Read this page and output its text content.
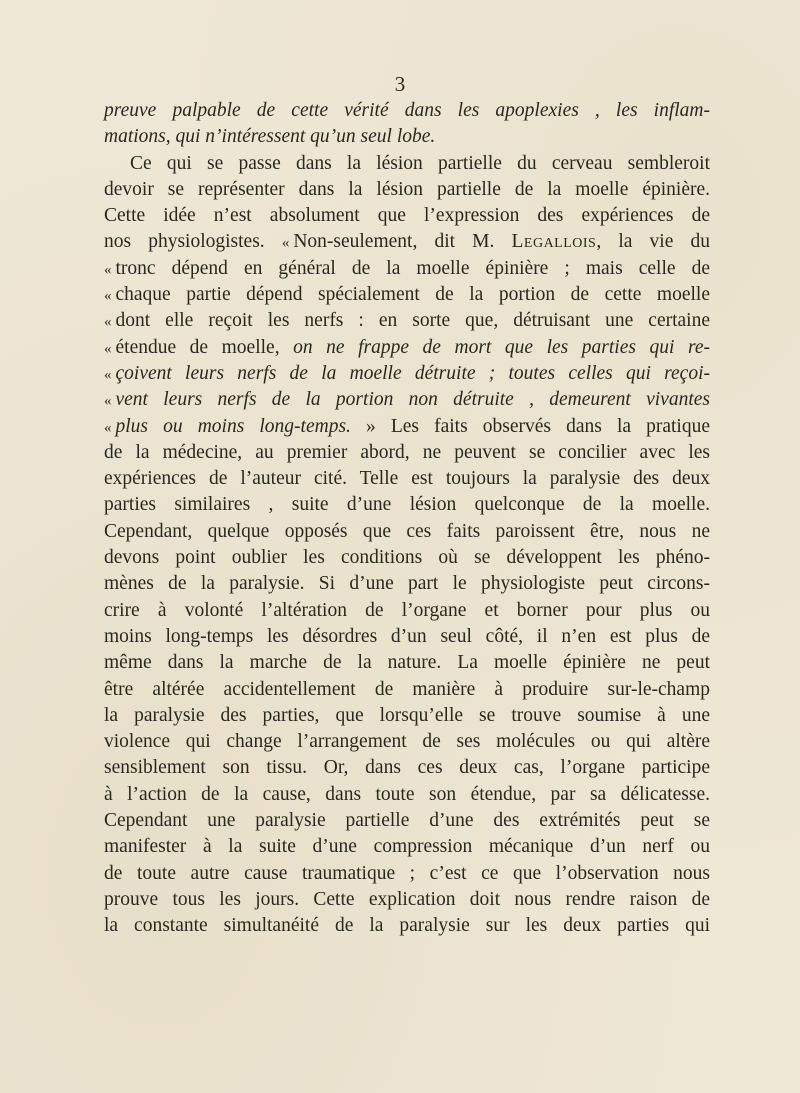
3
preuve palpable de cette vérité dans les apoplexies , les inflam-
mations, qui n’intéressent qu’un seul lobe.
Ce qui se passe dans la lésion partielle du cerveau sembleroit
devoir se représenter dans la lésion partielle de la moelle épinière.
Cette idée n’est absolument que l’expression des expériences de
nos physiologistes. « Non-seulement, dit M. Legallois, la vie du
« tronc dépend en général de la moelle épinière ; mais celle de
« chaque partie dépend spécialement de la portion de cette moelle
« dont elle reçoit les nerfs : en sorte que, détruisant une certaine
« étendue de moelle, on ne frappe de mort que les parties qui re-
« çoivent leurs nerfs de la moelle détruite ; toutes celles qui reçoi-
« vent leurs nerfs de la portion non détruite , demeurent vivantes
« plus ou moins long-temps. » Les faits observés dans la pratique
de la médecine, au premier abord, ne peuvent se concilier avec les
expériences de l’auteur cité. Telle est toujours la paralysie des deux
parties similaires , suite d’une lésion quelconque de la moelle.
Cependant, quelque opposés que ces faits paroissent être, nous ne
devons point oublier les conditions où se développent les phéno-
mènes de la paralysie. Si d’une part le physiologiste peut circons-
crire à volonté l’altération de l’organe et borner pour plus ou
moins long-temps les désordres d’un seul côté, il n’en est plus de
même dans la marche de la nature. La moelle épinière ne peut
être altérée accidentellement de manière à produire sur-le-champ
la paralysie des parties, que lorsqu’elle se trouve soumise à une
violence qui change l’arrangement de ses molécules ou qui altère
sensiblement son tissu. Or, dans ces deux cas, l’organe participe
à l’action de la cause, dans toute son étendue, par sa délicatesse.
Cependant une paralysie partielle d’une des extrémités peut se
manifester à la suite d’une compression mécanique d’un nerf ou
de toute autre cause traumatique ; c’est ce que l’observation nous
prouve tous les jours. Cette explication doit nous rendre raison de
la constante simultanéité de la paralysie sur les deux parties qui
